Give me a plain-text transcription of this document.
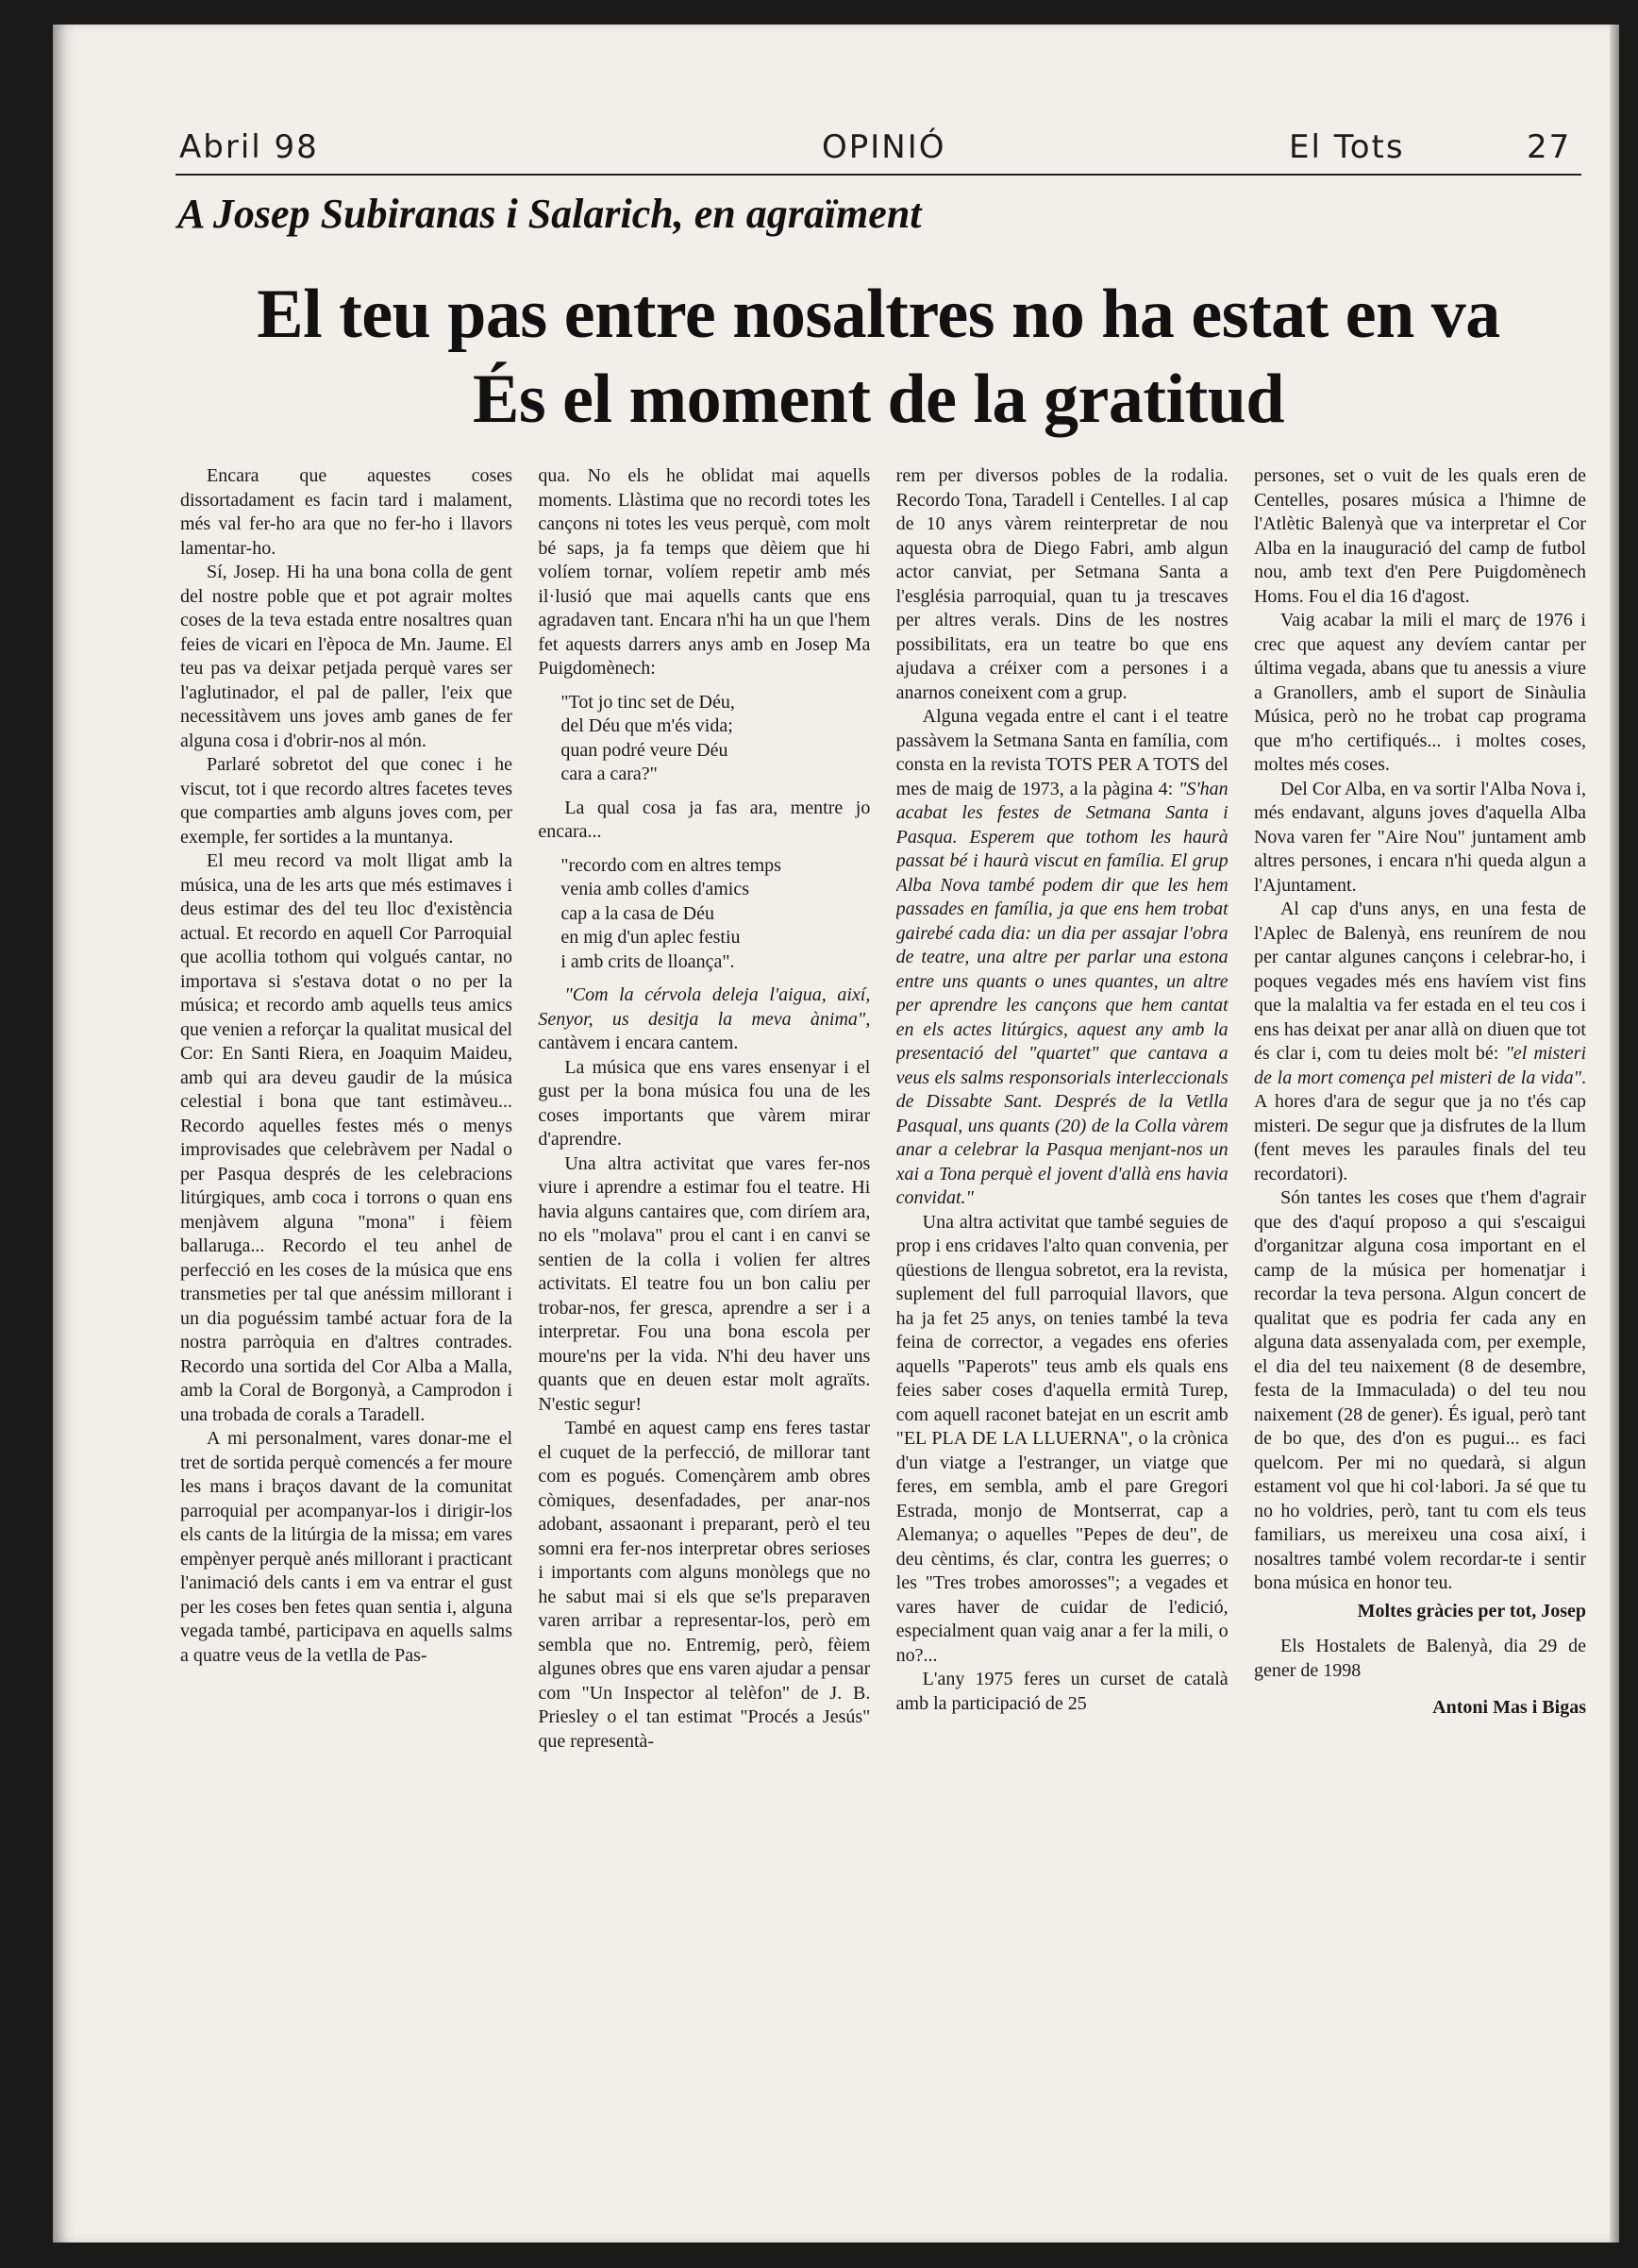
Abril 98	OPINIÓ	El Tots	27
A Josep Subiranas i Salarich, en agraïment
El teu pas entre nosaltres no ha estat en va
És el moment de la gratitud

Encara que aquestes coses dissortadament es facin tard i malament, més val fer-ho ara que no fer-ho i llavors lamentar-ho.

Sí, Josep. Hi ha una bona colla de gent del nostre poble que et pot agrair moltes coses de la teva estada entre nosaltres quan feies de vicari en l'època de Mn. Jaume. El teu pas va deixar petjada perquè vares ser l'aglutinador, el pal de paller, l'eix que necessitàvem uns joves amb ganes de fer alguna cosa i d'obrir-nos al món.

Parlaré sobretot del que conec i he viscut, tot i que recordo altres facetes teves que comparties amb alguns joves com, per exemple, fer sortides a la muntanya.

El meu record va molt lligat amb la música, una de les arts que més estimaves i deus estimar des del teu lloc d'existència actual. Et recordo en aquell Cor Parroquial que acollia tothom qui volgués cantar, no importava si s'estava dotat o no per la música; et recordo amb aquells teus amics que venien a reforçar la qualitat musical del Cor: En Santi Riera, en Joaquim Maideu, amb qui ara deveu gaudir de la música celestial i bona que tant estimàveu... Recordo aquelles festes més o menys improvisades que celebràvem per Nadal o per Pasqua després de les celebracions litúrgiques, amb coca i torrons o quan ens menjàvem alguna "mona" i fèiem ballaruga... Recordo el teu anhel de perfecció en les coses de la música que ens transmeties per tal que anéssim millorant i un dia poguéssim també actuar fora de la nostra parròquia en d'altres contrades. Recordo una sortida del Cor Alba a Malla, amb la Coral de Borgonyà, a Camprodon i una trobada de corals a Taradell.

A mi personalment, vares donar-me el tret de sortida perquè comencés a fer moure les mans i braços davant de la comunitat parroquial per acompanyar-los i dirigir-los els cants de la litúrgia de la missa; em vares empènyer perquè anés millorant i practicant l'animació dels cants i em va entrar el gust per les coses ben fetes quan sentia i, alguna vegada també, participava en aquells salms a quatre veus de la vetlla de Pas-

qua. No els he oblidat mai aquells moments. Llàstima que no recordi totes les cançons ni totes les veus perquè, com molt bé saps, ja fa temps que dèiem que hi volíem tornar, volíem repetir amb més il·lusió que mai aquells cants que ens agradaven tant. Encara n'hi ha un que l'hem fet aquests darrers anys amb en Josep Ma Puigdomènech:

"Tot jo tinc set de Déu,
del Déu que m'és vida;
quan podré veure Déu
cara a cara?"

La qual cosa ja fas ara, mentre jo encara...

"recordo com en altres temps
venia amb colles d'amics
cap a la casa de Déu
en mig d'un aplec festiu
i amb crits de lloança".

"Com la cérvola deleja l'aigua, així, Senyor, us desitja la meva ànima", cantàvem i encara cantem.

La música que ens vares ensenyar i el gust per la bona música fou una de les coses importants que vàrem mirar d'aprendre.

Una altra activitat que vares fer-nos viure i aprendre a estimar fou el teatre. Hi havia alguns cantaires que, com diríem ara, no els "molava" prou el cant i en canvi se sentien de la colla i volien fer altres activitats. El teatre fou un bon caliu per trobar-nos, fer gresca, aprendre a ser i a interpretar. Fou una bona escola per moure'ns per la vida. N'hi deu haver uns quants que en deuen estar molt agraïts. N'estic segur!

També en aquest camp ens feres tastar el cuquet de la perfecció, de millorar tant com es pogués. Començàrem amb obres còmiques, desenfadades, per anar-nos adobant, assaonant i preparant, però el teu somni era fer-nos interpretar obres serioses i importants com alguns monòlegs que no he sabut mai si els que se'ls preparaven varen arribar a representar-los, però em sembla que no. Entremig, però, fèiem algunes obres que ens varen ajudar a pensar com "Un Inspector al telèfon" de J. B. Priesley o el tan estimat "Procés a Jesús" que representà-

rem per diversos pobles de la rodalia. Recordo Tona, Taradell i Centelles. I al cap de 10 anys vàrem reinterpretar de nou aquesta obra de Diego Fabri, amb algun actor canviat, per Setmana Santa a l'església parroquial, quan tu ja trescaves per altres verals. Dins de les nostres possibilitats, era un teatre bo que ens ajudava a créixer com a persones i a anarnos coneixent com a grup.

Alguna vegada entre el cant i el teatre passàvem la Setmana Santa en família, com consta en la revista TOTS PER A TOTS del mes de maig de 1973, a la pàgina 4: "S'han acabat les festes de Setmana Santa i Pasqua. Esperem que tothom les haurà passat bé i haurà viscut en família. El grup Alba Nova també podem dir que les hem passades en família, ja que ens hem trobat gairebé cada dia: un dia per assajar l'obra de teatre, una altre per parlar una estona entre uns quants o unes quantes, un altre per aprendre les cançons que hem cantat en els actes litúrgics, aquest any amb la presentació del "quartet" que cantava a veus els salms responsorials interleccionals de Dissabte Sant. Després de la Vetlla Pasqual, uns quants (20) de la Colla vàrem anar a celebrar la Pasqua menjant-nos un xai a Tona perquè el jovent d'allà ens havia convidat."

Una altra activitat que també seguies de prop i ens cridaves l'alto quan convenia, per qüestions de llengua sobretot, era la revista, suplement del full parroquial llavors, que ha ja fet 25 anys, on tenies també la teva feina de corrector, a vegades ens oferies aquells "Paperots" teus amb els quals ens feies saber coses d'aquella ermità Turep, com aquell raconet batejat en un escrit amb "EL PLA DE LA LLUERNA", o la crònica d'un viatge a l'estranger, un viatge que feres, em sembla, amb el pare Gregori Estrada, monjo de Montserrat, cap a Alemanya; o aquelles "Pepes de deu", de deu cèntims, és clar, contra les guerres; o les "Tres trobes amorosses"; a vegades et vares haver de cuidar de l'edició, especialment quan vaig anar a fer la mili, o no?...

L'any 1975 feres un curset de català amb la participació de 25

persones, set o vuit de les quals eren de Centelles, posares música a l'himne de l'Atlètic Balenyà que va interpretar el Cor Alba en la inauguració del camp de futbol nou, amb text d'en Pere Puigdomènech Homs. Fou el dia 16 d'agost.

Vaig acabar la mili el març de 1976 i crec que aquest any devíem cantar per última vegada, abans que tu anessis a viure a Granollers, amb el suport de Sinàulia Música, però no he trobat cap programa que m'ho certifiqués... i moltes coses, moltes més coses.

Del Cor Alba, en va sortir l'Alba Nova i, més endavant, alguns joves d'aquella Alba Nova varen fer "Aire Nou" juntament amb altres persones, i encara n'hi queda algun a l'Ajuntament.

Al cap d'uns anys, en una festa de l'Aplec de Balenyà, ens reunírem de nou per cantar algunes cançons i celebrar-ho, i poques vegades més ens havíem vist fins que la malaltia va fer estada en el teu cos i ens has deixat per anar allà on diuen que tot és clar i, com tu deies molt bé: "el misteri de la mort comença pel misteri de la vida". A hores d'ara de segur que ja no t'és cap misteri. De segur que ja disfrutes de la llum (fent meves les paraules finals del teu recordatori).

Són tantes les coses que t'hem d'agrair que des d'aquí proposo a qui s'escaigui d'organitzar alguna cosa important en el camp de la música per homenatjar i recordar la teva persona. Algun concert de qualitat que es podria fer cada any en alguna data assenyalada com, per exemple, el dia del teu naixement (8 de desembre, festa de la Immaculada) o del teu nou naixement (28 de gener). És igual, però tant de bo que, des d'on es pugui... es faci quelcom. Per mi no quedarà, si algun estament vol que hi col·labori. Ja sé que tu no ho voldries, però, tant tu com els teus familiars, us mereixeu una cosa així, i nosaltres també volem recordar-te i sentir bona música en honor teu.

Moltes gràcies per tot, Josep

Els Hostalets de Balenyà, dia 29 de gener de 1998

Antoni Mas i Bigas
